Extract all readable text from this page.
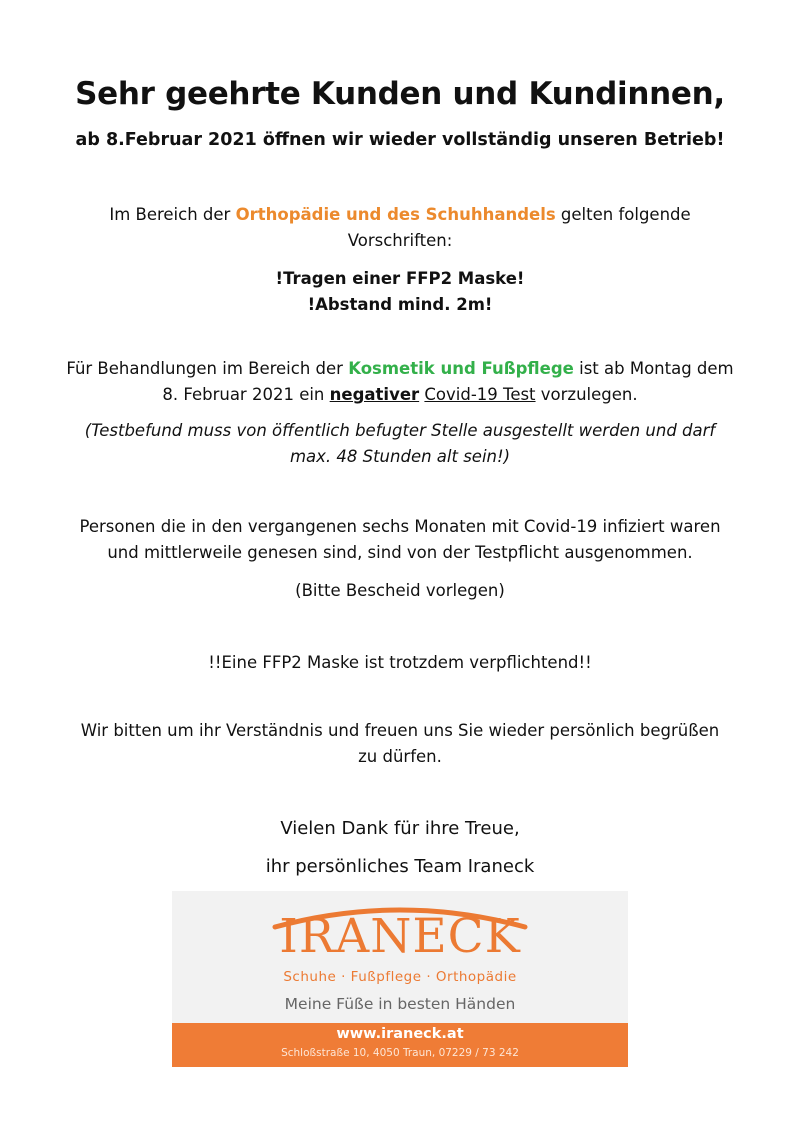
Sehr geehrte Kunden und Kundinnen,
ab 8.Februar 2021 öffnen wir wieder vollständig unseren Betrieb!
Im Bereich der Orthopädie und des Schuhhandels gelten folgende
Vorschriften:
!Tragen einer FFP2 Maske!
!Abstand mind. 2m!
Für Behandlungen im Bereich der Kosmetik und Fußpflege ist ab Montag dem
8. Februar 2021 ein negativer Covid-19 Test vorzulegen.
(Testbefund muss von öffentlich befugter Stelle ausgestellt werden und darf
max. 48 Stunden alt sein!)
Personen die in den vergangenen sechs Monaten mit Covid-19 infiziert waren
und mittlerweile genesen sind, sind von der Testpflicht ausgenommen.
(Bitte Bescheid vorlegen)
!!Eine FFP2 Maske ist trotzdem verpflichtend!!
Wir bitten um ihr Verständnis und freuen uns Sie wieder persönlich begrüßen
zu dürfen.
Vielen Dank für ihre Treue,
ihr persönliches Team Iraneck
IRANECK
Schuhe · Fußpflege · Orthopädie
Meine Füße in besten Händen
www.iraneck.at
Schloßstraße 10, 4050 Traun, 07229 / 73 242
